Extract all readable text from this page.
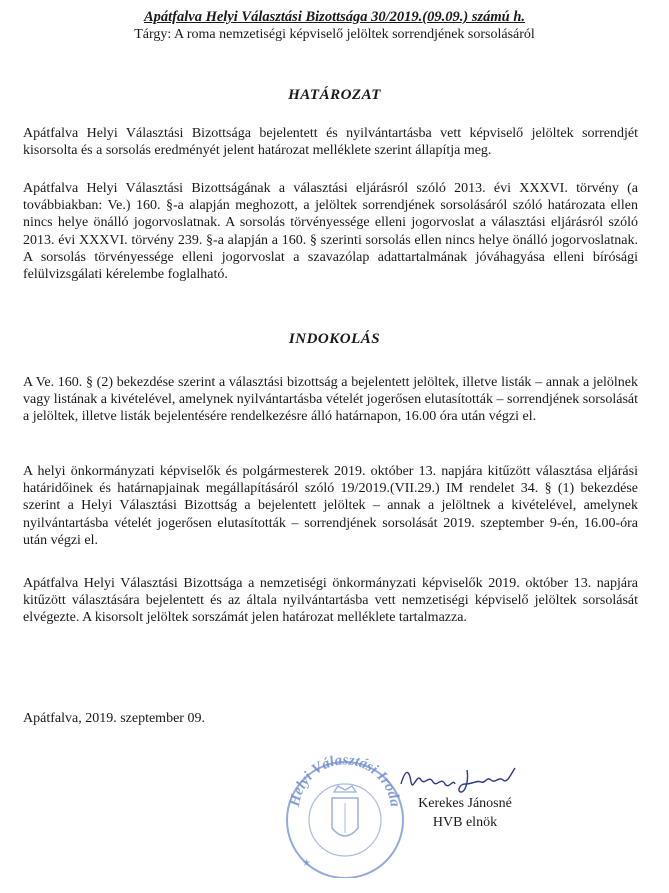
Apátfalva Helyi Választási Bizottsága 30/2019.(09.09.) számú h.
Tárgy: A roma nemzetiségi képviselő jelöltek sorrendjének sorsolásáról
HATÁROZAT
Apátfalva Helyi Választási Bizottsága bejelentett és nyilvántartásba vett képviselő jelöltek sorrendjét kisorsolta és a sorsolás eredményét jelent határozat melléklete szerint állapítja meg.
Apátfalva Helyi Választási Bizottságának a választási eljárásról szóló 2013. évi XXXVI. törvény (a továbbiakban: Ve.) 160. §-a alapján meghozott, a jelöltek sorrendjének sorsolásáról szóló határozata ellen nincs helye önálló jogorvoslatnak. A sorsolás törvényessége elleni jogorvoslat a választási eljárásról szóló 2013. évi XXXVI. törvény 239. §-a alapján a 160. § szerinti sorsolás ellen nincs helye önálló jogorvoslatnak. A sorsolás törvényessége elleni jogorvoslat a szavazólap adattartalmának jóváhagyása elleni bírósági felülvizsgálati kérelembe foglalható.
INDOKOLÁS
A Ve. 160. § (2) bekezdése szerint a választási bizottság a bejelentett jelöltek, illetve listák – annak a jelölnek vagy listának a kivételével, amelynek nyilvántartásba vételét jogerősen elutasították – sorrendjének sorsolását a jelöltek, illetve listák bejelentésére rendelkezésre álló határnapon, 16.00 óra után végzi el.
A helyi önkormányzati képviselők és polgármesterek 2019. október 13. napjára kitűzött választása eljárási határidőinek és határnapjainak megállapításáról szóló 19/2019.(VII.29.) IM rendelet 34. § (1) bekezdése szerint a Helyi Választási Bizottság a bejelentett jelöltek – annak a jelöltnek a kivételével, amelynek nyilvántartásba vételét jogerősen elutasították – sorrendjének sorsolását 2019. szeptember 9-én, 16.00-óra után végzi el.
Apátfalva Helyi Választási Bizottsága a nemzetiségi önkormányzati képviselők 2019. október 13. napjára kitűzött választására bejelentett és az általa nyilvántartásba vett nemzetiségi képviselő jelöltek sorsolását elvégezte. A kisorsolt jelöltek sorszámát jelen határozat melléklete tartalmazza.
Apátfalva, 2019. szeptember 09.
Helyi Választási Iroda
★
Kerekes Jánosné
HVB elnök
